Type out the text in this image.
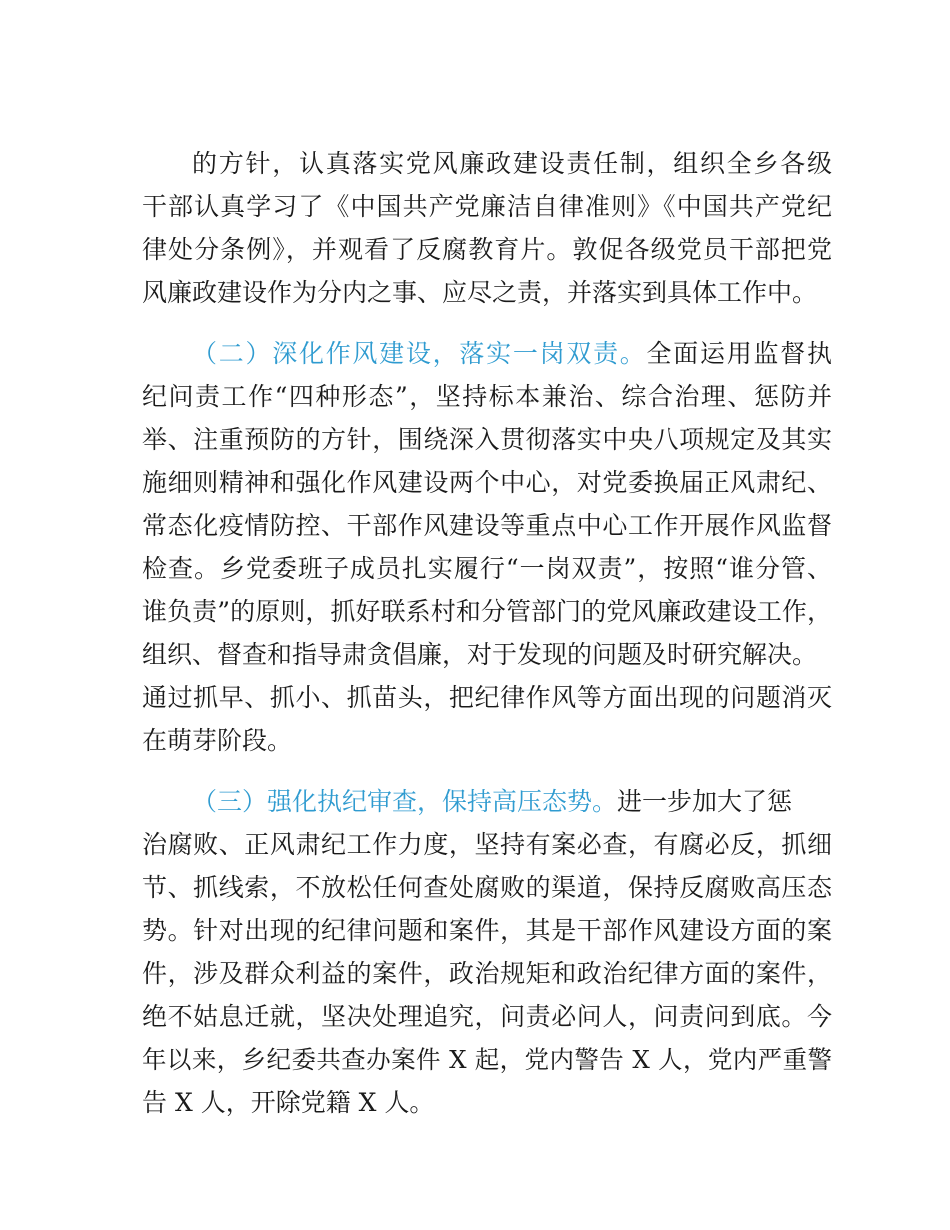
的方针，认真落实党风廉政建设责任制，组织全乡各级
干部认真学习了《中国共产党廉洁自律准则》《中国共产党纪
律处分条例》，并观看了反腐教育片。敦促各级党员干部把党
风廉政建设作为分内之事、应尽之责，并落实到具体工作中。
（二）深化作风建设，落实一岗双责。全面运用监督执
纪问责工作“四种形态”，坚持标本兼治、综合治理、惩防并
举、注重预防的方针，围绕深入贯彻落实中央八项规定及其实
施细则精神和强化作风建设两个中心，对党委换届正风肃纪、
常态化疫情防控、干部作风建设等重点中心工作开展作风监督
检查。乡党委班子成员扎实履行“一岗双责”，按照“谁分管、
谁负责”的原则，抓好联系村和分管部门的党风廉政建设工作，
组织、督查和指导肃贪倡廉，对于发现的问题及时研究解决。
通过抓早、抓小、抓苗头，把纪律作风等方面出现的问题消灭
在萌芽阶段。
（三）强化执纪审查，保持高压态势。进一步加大了惩
治腐败、正风肃纪工作力度，坚持有案必查，有腐必反，抓细
节、抓线索，不放松任何查处腐败的渠道，保持反腐败高压态
势。针对出现的纪律问题和案件，其是干部作风建设方面的案
件，涉及群众利益的案件，政治规矩和政治纪律方面的案件，
绝不姑息迁就，坚决处理追究，问责必问人，问责问到底。今
年以来，乡纪委共查办案件 X 起，党内警告 X 人，党内严重警
告 X 人，开除党籍 X 人。
